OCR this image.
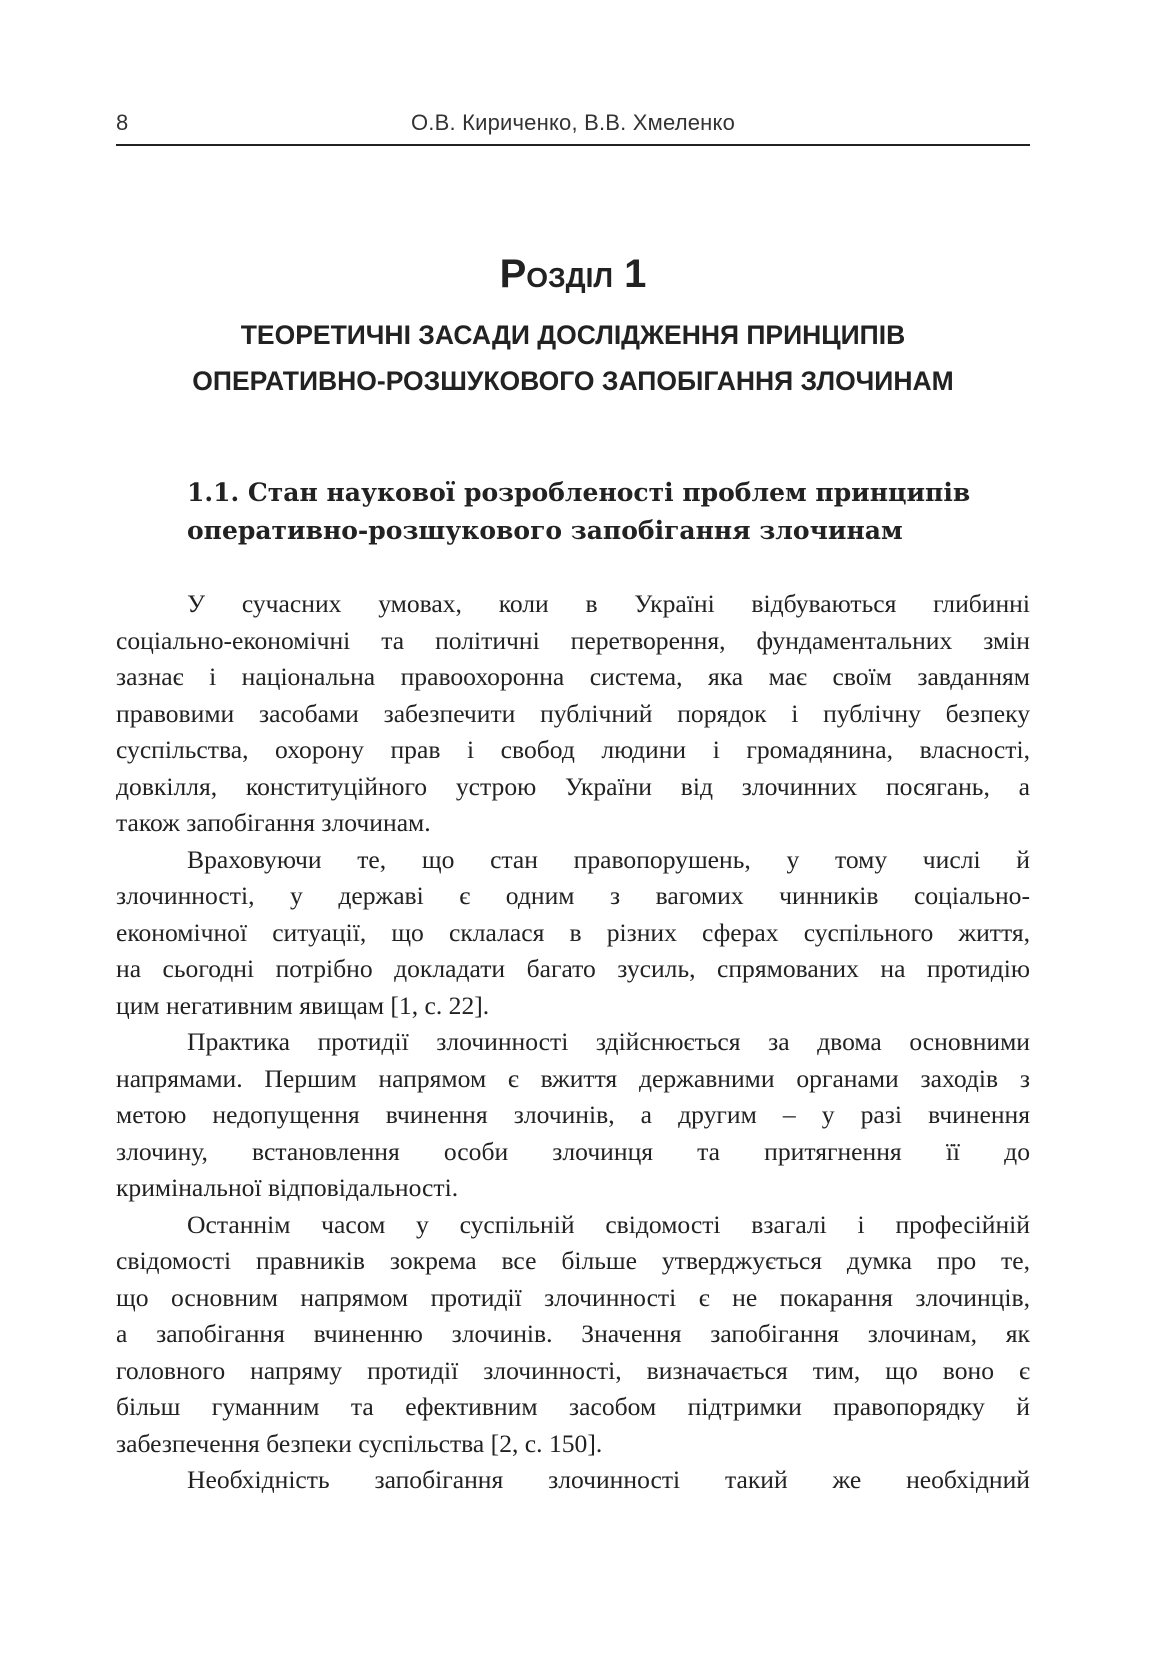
8	О.В. Кириченко, В.В. Хмеленко
Розділ 1
ТЕОРЕТИЧНІ ЗАСАДИ ДОСЛІДЖЕННЯ ПРИНЦИПІВ
ОПЕРАТИВНО-РОЗШУКОВОГО ЗАПОБІГАННЯ ЗЛОЧИНАМ
1.1. Стан наукової розробленості проблем принципів
оперативно-розшукового запобігання злочинам
У сучасних умовах, коли в Україні відбуваються глибинні
соціально-економічні та політичні перетворення, фундаментальних змін
зазнає і національна правоохоронна система, яка має своїм завданням
правовими засобами забезпечити публічний порядок і публічну безпеку
суспільства, охорону прав і свобод людини і громадянина, власності,
довкілля, конституційного устрою України від злочинних посягань, а
також запобігання злочинам.
Враховуючи те, що стан правопорушень, у тому числі й
злочинності, у державі є одним з вагомих чинників соціально-
економічної ситуації, що склалася в різних сферах суспільного життя,
на сьогодні потрібно докладати багато зусиль, спрямованих на протидію
цим негативним явищам [1, с. 22].
Практика протидії злочинності здійснюється за двома основними
напрямами. Першим напрямом є вжиття державними органами заходів з
метою недопущення вчинення злочинів, а другим – у разі вчинення
злочину, встановлення особи злочинця та притягнення її до
кримінальної відповідальності.
Останнім часом у суспільній свідомості взагалі і професійній
свідомості правників зокрема все більше утверджується думка про те,
що основним напрямом протидії злочинності є не покарання злочинців,
а запобігання вчиненню злочинів. Значення запобігання злочинам, як
головного напряму протидії злочинності, визначається тим, що воно є
більш гуманним та ефективним засобом підтримки правопорядку й
забезпечення безпеки суспільства [2, с. 150].
Необхідність запобігання злочинності такий же необхідний
